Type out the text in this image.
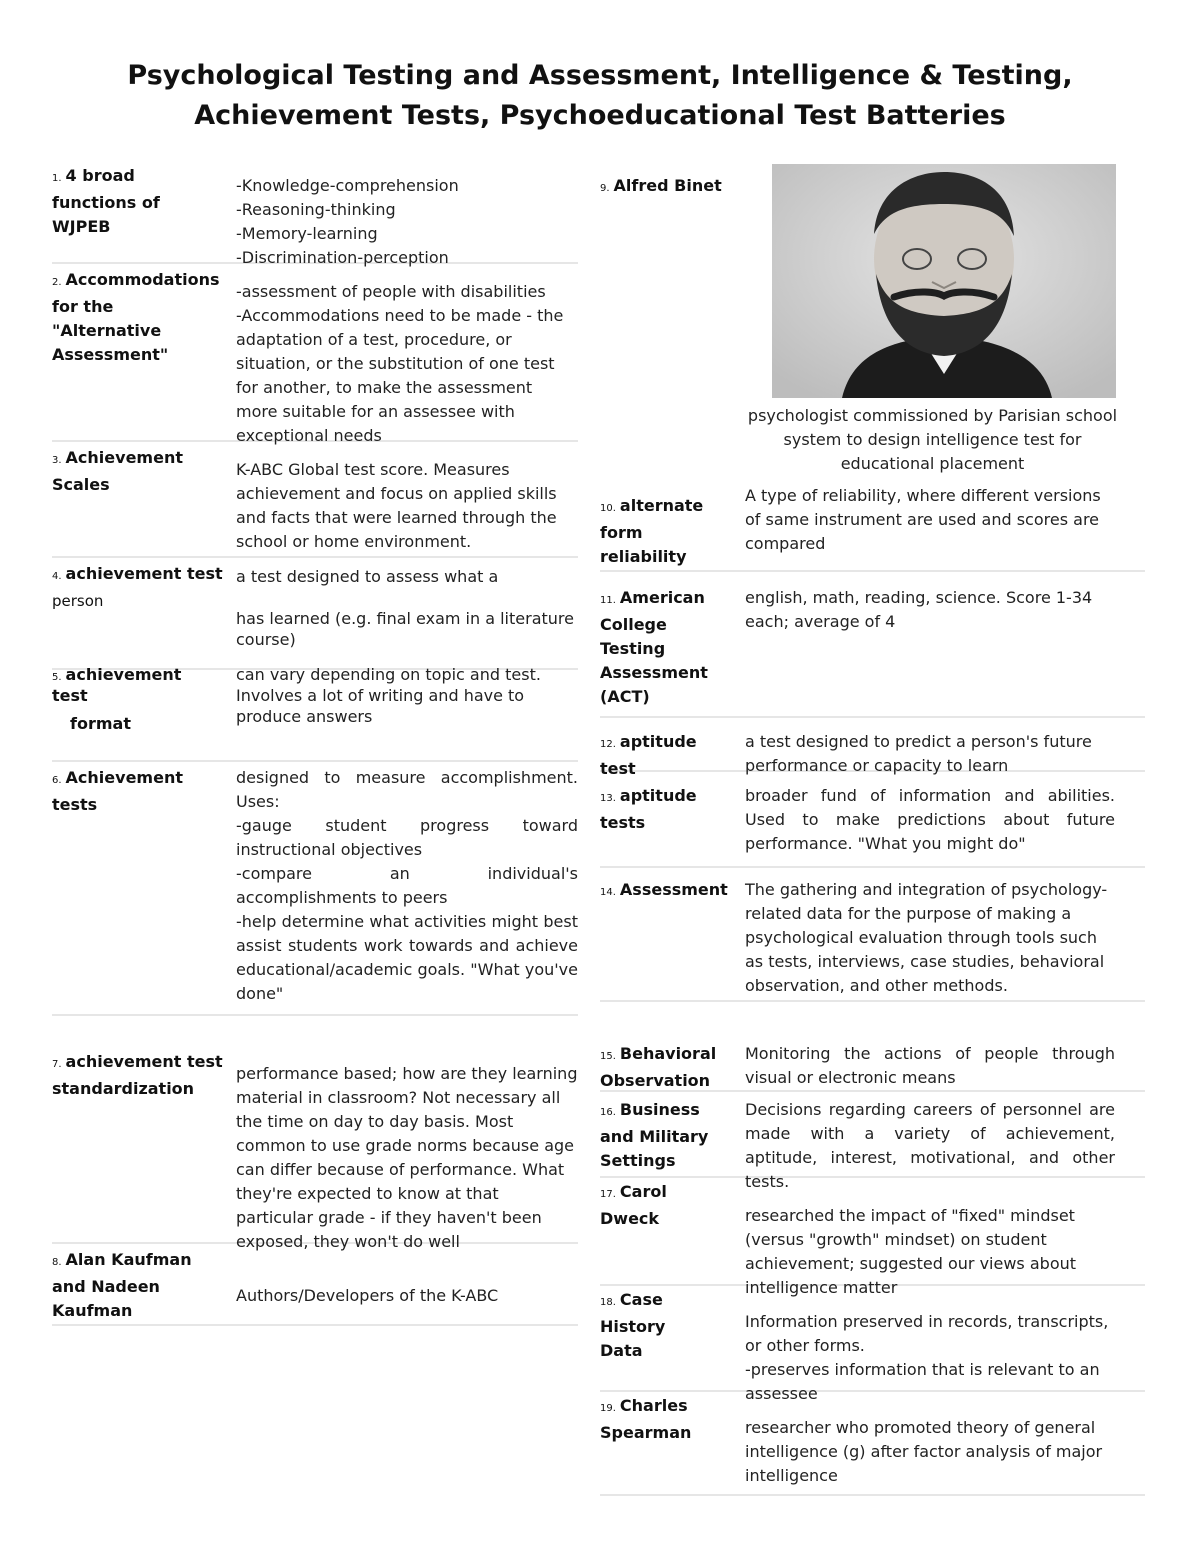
Psychological Testing and Assessment, Intelligence & Testing,
Achievement Tests, Psychoeducational Test Batteries
1. 4 broad functions of WJPEB
-Knowledge-comprehension
-Reasoning-thinking
-Memory-learning
-Discrimination-perception
2. Accommodations for the "Alternative Assessment"
-assessment of people with disabilities
-Accommodations need to be made - the adaptation of a test, procedure, or situation, or the substitution of one test for another, to make the assessment more suitable for an assessee with exceptional needs
3. Achievement Scales
K-ABC Global test score. Measures achievement and focus on applied skills and facts that were learned through the school or home environment.
4. achievement test
person
a test designed to assess what a

has learned (e.g. final exam in a literature course)
5. achievement test
format
can vary depending on topic and test.
Involves a lot of writing and have to produce answers
6. Achievement tests
designed to measure accomplishment. Uses:
-gauge student progress toward instructional objectives
-compare an individual's accomplishments to peers
-help determine what activities might best assist students work towards and achieve educational/academic goals. "What you've done"
7. achievement test standardization
performance based; how are they learning material in classroom? Not necessary all the time on day to day basis. Most common to use grade norms because age can differ because of performance. What they're expected to know at that particular grade - if they haven't been exposed, they won't do well
8. Alan Kaufman and Nadeen Kaufman
Authors/Developers of the K-ABC
9. Alfred Binet
psychologist commissioned by Parisian school system to design intelligence test for educational placement
10. alternate form reliability
A type of reliability, where different versions of same instrument are used and scores are compared
11. American College Testing Assessment (ACT)
english, math, reading, science. Score 1-34 each; average of 4
12. aptitude test
a test designed to predict a person's future performance or capacity to learn
13. aptitude tests
broader fund of information and abilities. Used to make predictions about future performance. "What you might do"
14. Assessment	The gathering and integration of psychology- related data for the purpose of making a psychological evaluation through tools such as tests, interviews, case studies, behavioral observation, and other methods.
15. Behavioral Observation
Monitoring the actions of people through visual or electronic means
16. Business and Military Settings
Decisions regarding careers of personnel are made with a variety of achievement, aptitude, interest, motivational, and other tests.
17. Carol Dweck	researched the impact of "fixed" mindset (versus "growth" mindset) on student achievement; suggested our views about intelligence matter
18. Case History Data
Information preserved in records, transcripts, or other forms.
-preserves information that is relevant to an assessee
19. Charles Spearman	researcher who promoted theory of general intelligence (g) after factor analysis of major intelligence
